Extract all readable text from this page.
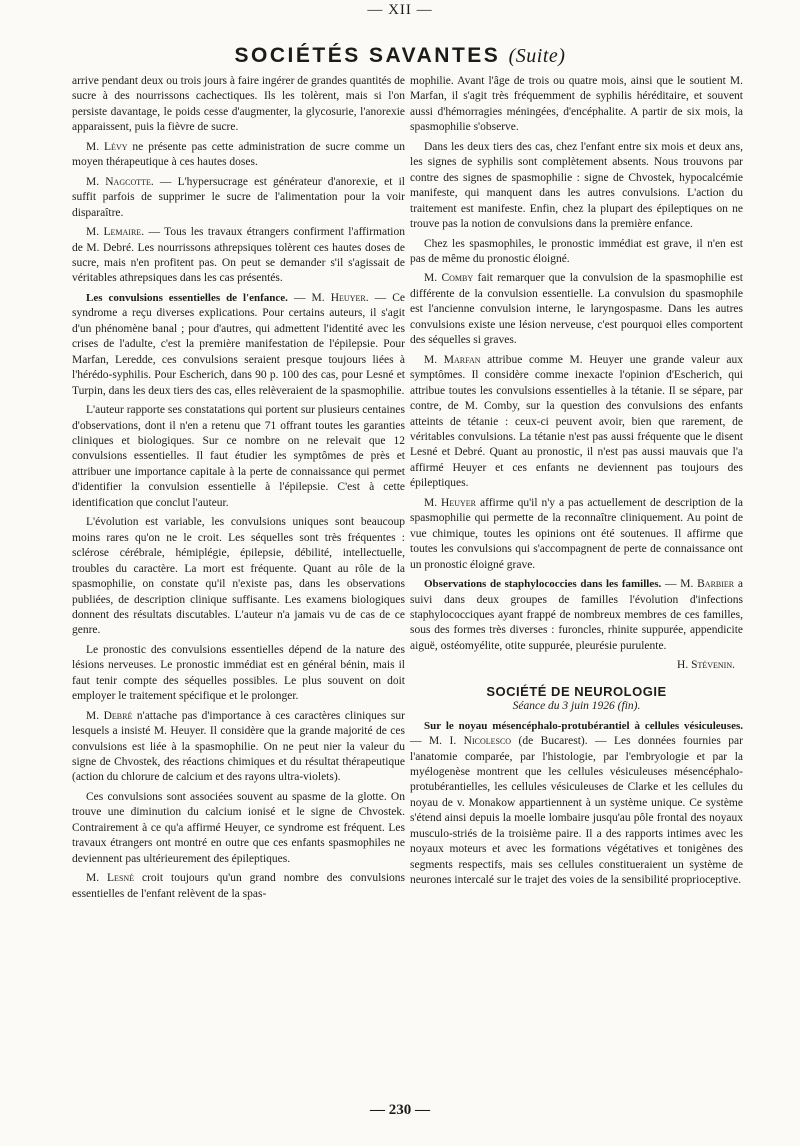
— XII —
SOCIÉTÉS SAVANTES (Suite)

arrive pendant deux ou trois jours à faire ingérer de grandes quantités de sucre à des nourrissons cachectiques. Ils les tolèrent, mais si l'on persiste davantage, le poids cesse d'augmenter, la glycosurie, l'anorexie apparaissent, puis la fièvre de sucre.

M. Lévy ne présente pas cette administration de sucre comme un moyen thérapeutique à ces hautes doses.

M. Nagcotte. — L'hypersucrage est générateur d'anorexie, et il suffit parfois de supprimer le sucre de l'alimentation pour la voir disparaître.

M. Lemaire. — Tous les travaux étrangers confirment l'affirmation de M. Debré. Les nourrissons athrepsiques tolèrent ces hautes doses de sucre, mais n'en profitent pas. On peut se demander s'il s'agissait de véritables athrepsiques dans les cas présentés.

Les convulsions essentielles de l'enfance. — M. Heuyer. — Ce syndrome a reçu diverses explications. Pour certains auteurs, il s'agit d'un phénomène banal ; pour d'autres, qui admettent l'identité avec les crises de l'adulte, c'est la première manifestation de l'épilepsie. Pour Marfan, Leredde, ces convulsions seraient presque toujours liées à l'hérédo-syphilis. Pour Escherich, dans 90 p. 100 des cas, pour Lesné et Turpin, dans les deux tiers des cas, elles relèveraient de la spasmophilie.

L'auteur rapporte ses constatations qui portent sur plusieurs centaines d'observations, dont il n'en a retenu que 71 offrant toutes les garanties cliniques et biologiques. Sur ce nombre on ne relevait que 12 convulsions essentielles. Il faut étudier les symptômes de près et attribuer une importance capitale à la perte de connaissance qui permet d'identifier la convulsion essentielle à l'épilepsie. C'est à cette identification que conclut l'auteur.

L'évolution est variable, les convulsions uniques sont beaucoup moins rares qu'on ne le croit. Les séquelles sont très fréquentes : sclérose cérébrale, hémiplégie, épilepsie, débilité, intellectuelle, troubles du caractère. La mort est fréquente. Quant au rôle de la spasmophilie, on constate qu'il n'existe pas, dans les observations publiées, de description clinique suffisante. Les examens biologiques donnent des résultats discutables. L'auteur n'a jamais vu de cas de ce genre.

Le pronostic des convulsions essentielles dépend de la nature des lésions nerveuses. Le pronostic immédiat est en général bénin, mais il faut tenir compte des séquelles possibles. Le plus souvent on doit employer le traitement spécifique et le prolonger.

M. Debré n'attache pas d'importance à ces caractères cliniques sur lesquels a insisté M. Heuyer. Il considère que la grande majorité de ces convulsions est liée à la spasmophilie. On ne peut nier la valeur du signe de Chvostek, des réactions chimiques et du résultat thérapeutique (action du chlorure de calcium et des rayons ultra-violets).

Ces convulsions sont associées souvent au spasme de la glotte. On trouve une diminution du calcium ionisé et le signe de Chvostek. Contrairement à ce qu'a affirmé Heuyer, ce syndrome est fréquent. Les travaux étrangers ont montré en outre que ces enfants spasmophiles ne deviennent pas ultérieurement des épileptiques.

M. Lesné croit toujours qu'un grand nombre des convulsions essentielles de l'enfant relèvent de la spas-

mophilie. Avant l'âge de trois ou quatre mois, ainsi que le soutient M. Marfan, il s'agit très fréquemment de syphilis héréditaire, et souvent aussi d'hémorragies méningées, d'encéphalite. A partir de six mois, la spasmophilie s'observe.

Dans les deux tiers des cas, chez l'enfant entre six mois et deux ans, les signes de syphilis sont complètement absents. Nous trouvons par contre des signes de spasmophilie : signe de Chvostek, hypocalcémie manifeste, qui manquent dans les autres convulsions. L'action du traitement est manifeste. Enfin, chez la plupart des épileptiques on ne trouve pas la notion de convulsions dans la première enfance.

Chez les spasmophiles, le pronostic immédiat est grave, il n'en est pas de même du pronostic éloigné.

M. Comby fait remarquer que la convulsion de la spasmophilie est différente de la convulsion essentielle. La convulsion du spasmophile est l'ancienne convulsion interne, le laryngospasme. Dans les autres convulsions existe une lésion nerveuse, c'est pourquoi elles comportent des séquelles si graves.

M. Marfan attribue comme M. Heuyer une grande valeur aux symptômes. Il considère comme inexacte l'opinion d'Escherich, qui attribue toutes les convulsions essentielles à la tétanie. Il se sépare, par contre, de M. Comby, sur la question des convulsions des enfants atteints de tétanie : ceux-ci peuvent avoir, bien que rarement, de véritables convulsions. La tétanie n'est pas aussi fréquente que le disent Lesné et Debré. Quant au pronostic, il n'est pas aussi mauvais que l'a affirmé Heuyer et ces enfants ne deviennent pas toujours des épileptiques.

M. Heuyer affirme qu'il n'y a pas actuellement de description de la spasmophilie qui permette de la reconnaître cliniquement. Au point de vue chimique, toutes les opinions ont été soutenues. Il affirme que toutes les convulsions qui s'accompagnent de perte de connaissance ont un pronostic éloigné grave.

Observations de staphylococcies dans les familles. — M. Barbier a suivi dans deux groupes de familles l'évolution d'infections staphylococciques ayant frappé de nombreux membres de ces familles, sous des formes très diverses : furoncles, rhinite suppurée, appendicite aiguë, ostéomyélite, otite suppurée, pleurésie purulente.

H. Stévenin.

SOCIÉTÉ DE NEUROLOGIE
Séance du 3 juin 1926 (fin).

Sur le noyau mésencéphalo-protubérantiel à cellules vésiculeuses. — M. I. Nicolesco (de Bucarest). — Les données fournies par l'anatomie comparée, par l'histologie, par l'embryologie et par la myélogenèse montrent que les cellules vésiculeuses mésencéphalo-protubérantielles, les cellules vésiculeuses de Clarke et les cellules du noyau de v. Monakow appartiennent à un système unique. Ce système s'étend ainsi depuis la moelle lombaire jusqu'au pôle frontal des noyaux musculo-striés de la troisième paire. Il a des rapports intimes avec les noyaux moteurs et avec les formations végétatives et tonigènes des segments respectifs, mais ses cellules constitueraient un système de neurones intercalé sur le trajet des voies de la sensibilité proprioceptive.

— 230 —
